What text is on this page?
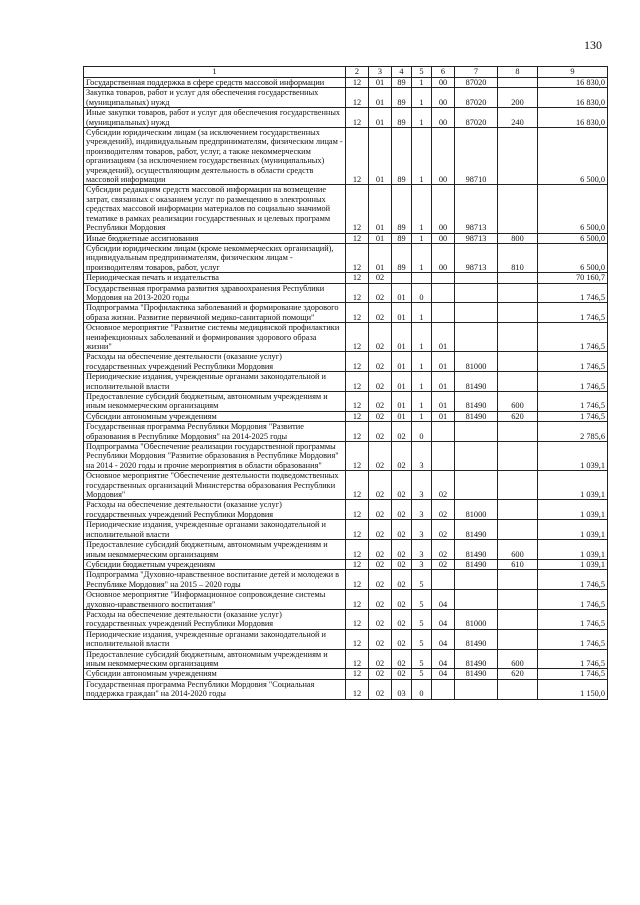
130
1	2	3	4	5	6	7	8	9
Государственная поддержка в сфере средств массовой информации	12	01	89	1	00	87020		16 830,0
Закупка товаров, работ и услуг для обеспечения государственных (муниципальных) нужд	12	01	89	1	00	87020	200	16 830,0
Иные закупки товаров, работ и услуг для обеспечения государственных (муниципальных) нужд	12	01	89	1	00	87020	240	16 830,0
Субсидии юридическим лицам (за исключением государственных учреждений), индивидуальным предпринимателям, физическим лицам - производителям товаров, работ, услуг, а также некоммерческим организациям (за исключением государственных (муниципальных) учреждений), осуществляющим деятельность в области средств массовой информации	12	01	89	1	00	98710		6 500,0
Субсидии редакциям средств массовой информации на возмещение затрат, связанных с оказанием услуг по размещению в электронных средствах массовой информации материалов по социально значимой тематике в рамках реализации государственных и целевых программ Республики Мордовия	12	01	89	1	00	98713		6 500,0
Иные бюджетные ассигнования	12	01	89	1	00	98713	800	6 500,0
Субсидии юридическим лицам (кроме некоммерческих организаций), индивидуальным предпринимателям, физическим лицам - производителям товаров, работ, услуг	12	01	89	1	00	98713	810	6 500,0
Периодическая печать и издательства	12	02						70 160,7
Государственная программа развития здравоохранения Республики Мордовия на 2013-2020 годы	12	02	01	0				1 746,5
Подпрограмма "Профилактика заболеваний и формирование здорового образа жизни. Развитие первичной медико-санитарной помощи"	12	02	01	1				1 746,5
Основное мероприятие "Развитие системы медицинской профилактики неинфекционных заболеваний и формирования здорового образа жизни"	12	02	01	1	01			1 746,5
Расходы на обеспечение деятельности (оказание услуг) государственных учреждений Республики Мордовия	12	02	01	1	01	81000		1 746,5
Периодические издания, учрежденные органами законодательной и исполнительной власти	12	02	01	1	01	81490		1 746,5
Предоставление субсидий бюджетным, автономным учреждениям и иным некоммерческим организациям	12	02	01	1	01	81490	600	1 746,5
Субсидии автономным учреждениям	12	02	01	1	01	81490	620	1 746,5
Государственная программа Республики Мордовия "Развитие образования в Республике Мордовия" на 2014-2025 годы	12	02	02	0				2 785,6
Подпрограмма "Обеспечение реализации государственной программы Республики Мордовия "Развитие образования в Республике Мордовия" на 2014 - 2020 годы и прочие мероприятия в области образования"	12	02	02	3				1 039,1
Основное мероприятие "Обеспечение деятельности подведомственных государственных организаций Министерства образования Республики Мордовия"	12	02	02	3	02			1 039,1
Расходы на обеспечение деятельности (оказание услуг) государственных учреждений Республики Мордовия	12	02	02	3	02	81000		1 039,1
Периодические издания, учрежденные органами законодательной и исполнительной власти	12	02	02	3	02	81490		1 039,1
Предоставление субсидий бюджетным, автономным учреждениям и иным некоммерческим организациям	12	02	02	3	02	81490	600	1 039,1
Субсидии бюджетным учреждениям	12	02	02	3	02	81490	610	1 039,1
Подпрограмма "Духовно-нравственное воспитание детей и молодежи в Республике Мордовия" на 2015 – 2020 годы	12	02	02	5				1 746,5
Основное мероприятие "Информационное сопровождение системы духовно-нравственного воспитания"	12	02	02	5	04			1 746,5
Расходы на обеспечение деятельности (оказание услуг) государственных учреждений Республики Мордовия	12	02	02	5	04	81000		1 746,5
Периодические издания, учрежденные органами законодательной и исполнительной власти	12	02	02	5	04	81490		1 746,5
Предоставление субсидий бюджетным, автономным учреждениям и иным некоммерческим организациям	12	02	02	5	04	81490	600	1 746,5
Субсидии автономным учреждениям	12	02	02	5	04	81490	620	1 746,5
Государственная программа Республики Мордовия "Социальная поддержка граждан" на 2014-2020 годы	12	02	03	0				1 150,0
